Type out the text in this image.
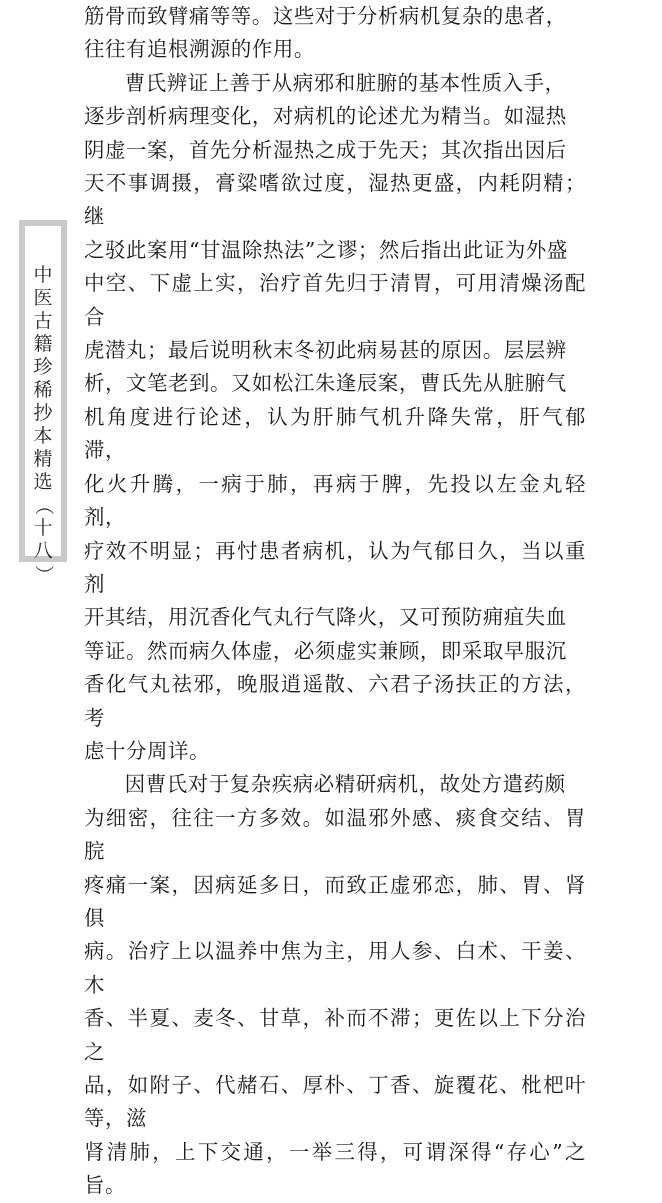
中
医
古
籍
珍
稀
抄
本
精
选
（
十
八
）

筋骨而致臂痛等等。这些对于分析病机复杂的患者，
往往有追根溯源的作用。

曹氏辨证上善于从病邪和脏腑的基本性质入手，
逐步剖析病理变化，对病机的论述尤为精当。如湿热
阴虚一案，首先分析湿热之成于先天；其次指出因后
天不事调摄，膏粱嗜欲过度，湿热更盛，内耗阴精；继
之驳此案用“甘温除热法”之谬；然后指出此证为外盛
中空、下虚上实，治疗首先归于清胃，可用清燥汤配合
虎潜丸；最后说明秋末冬初此病易甚的原因。层层辨
析，文笔老到。又如松江朱逢辰案，曹氏先从脏腑气
机角度进行论述，认为肝肺气机升降失常，肝气郁滞，
化火升腾，一病于肺，再病于脾，先投以左金丸轻剂，
疗效不明显；再忖患者病机，认为气郁日久，当以重剂
开其结，用沉香化气丸行气降火，又可预防痈疽失血
等证。然而病久体虚，必须虚实兼顾，即采取早服沉
香化气丸祛邪，晚服逍遥散、六君子汤扶正的方法，考
虑十分周详。

因曹氏对于复杂疾病必精研病机，故处方遣药颇
为细密，往往一方多效。如温邪外感、痰食交结、胃脘
疼痛一案，因病延多日，而致正虚邪恋，肺、胃、肾俱
病。治疗上以温养中焦为主，用人参、白术、干姜、木
香、半夏、麦冬、甘草，补而不滞；更佐以上下分治之
品，如附子、代赭石、厚朴、丁香、旋覆花、枇杷叶等，滋
肾清肺，上下交通，一举三得，可谓深得“存心”之旨。
